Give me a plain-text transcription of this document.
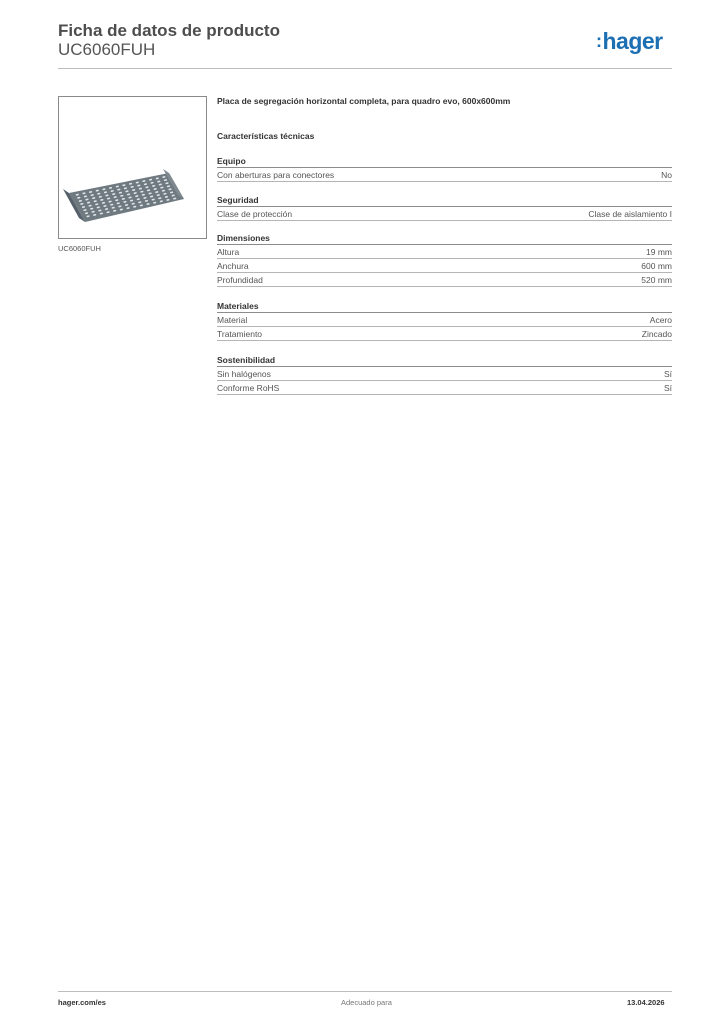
Ficha de datos de producto
UC6060FUH	:hager
UC6060FUH
Placa de segregación horizontal completa, para quadro evo, 600x600mm
Características técnicas
Equipo
Con aberturas para conectores	No
Seguridad
Clase de protección	Clase de aislamiento I
Dimensiones
Altura	19 mm
Anchura	600 mm
Profundidad	520 mm
Materiales
Material	Acero
Tratamiento	Zincado
Sostenibilidad
Sin halógenos	Sí
Conforme RoHS	Sí
hager.com/es	Adecuado para	13.04.2026
